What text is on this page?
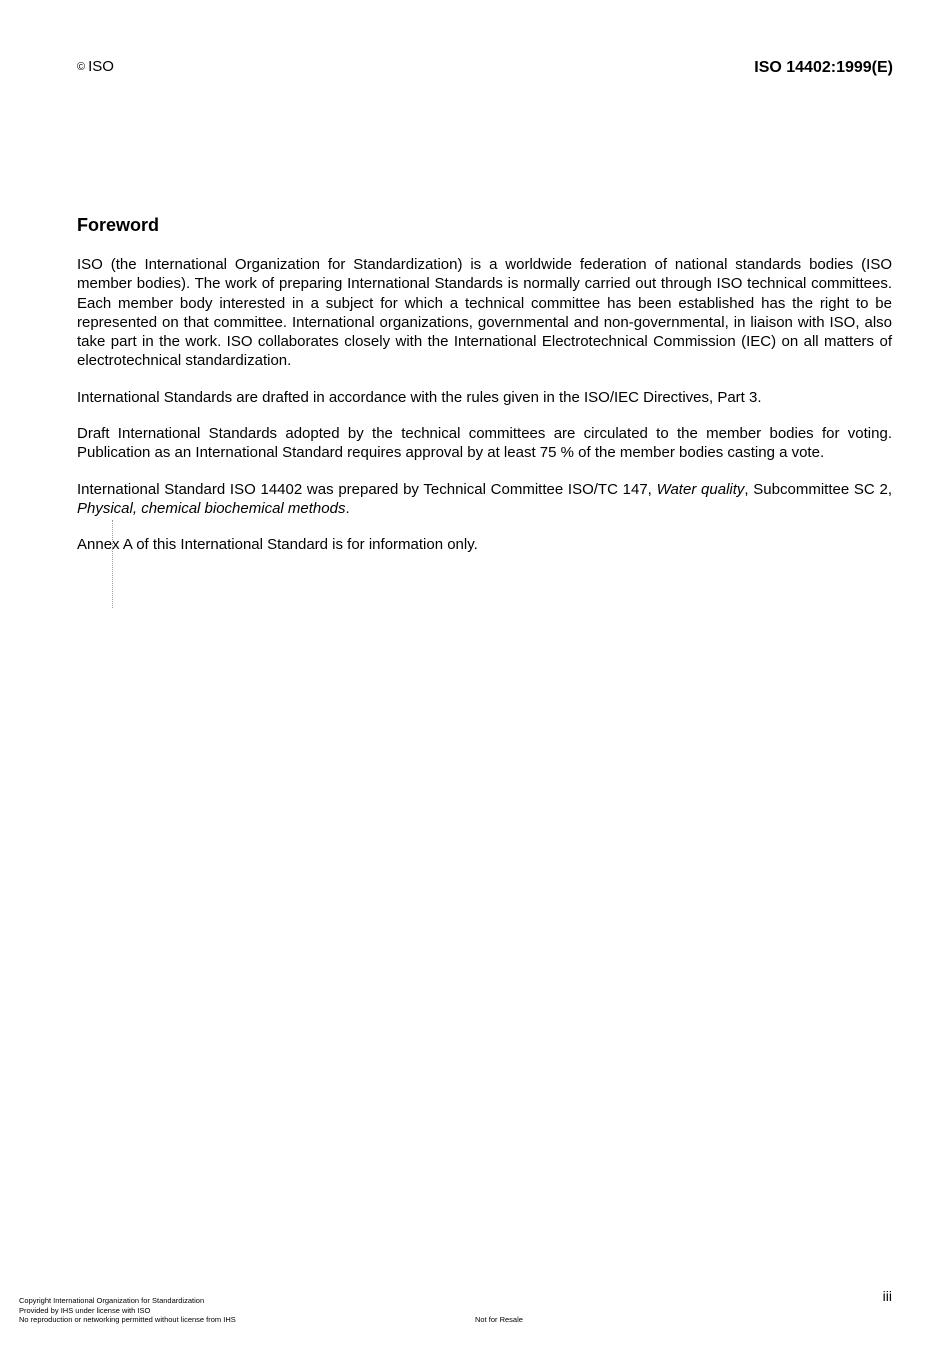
© ISO	ISO 14402:1999(E)
Foreword

ISO (the International Organization for Standardization) is a worldwide federation of national standards bodies (ISO member bodies). The work of preparing International Standards is normally carried out through ISO technical committees. Each member body interested in a subject for which a technical committee has been established has the right to be represented on that committee. International organizations, governmental and non-governmental, in liaison with ISO, also take part in the work. ISO collaborates closely with the International Electrotechnical Commission (IEC) on all matters of electrotechnical standardization.

International Standards are drafted in accordance with the rules given in the ISO/IEC Directives, Part 3.

Draft International Standards adopted by the technical committees are circulated to the member bodies for voting. Publication as an International Standard requires approval by at least 75 % of the member bodies casting a vote.

International Standard ISO 14402 was prepared by Technical Committee ISO/TC 147, Water quality, Subcommittee SC 2, Physical, chemical biochemical methods.

Annex A of this International Standard is for information only.

iii
Copyright International Organization for Standardization
Provided by IHS under license with ISO
No reproduction or networking permitted without license from IHS	Not for Resale
